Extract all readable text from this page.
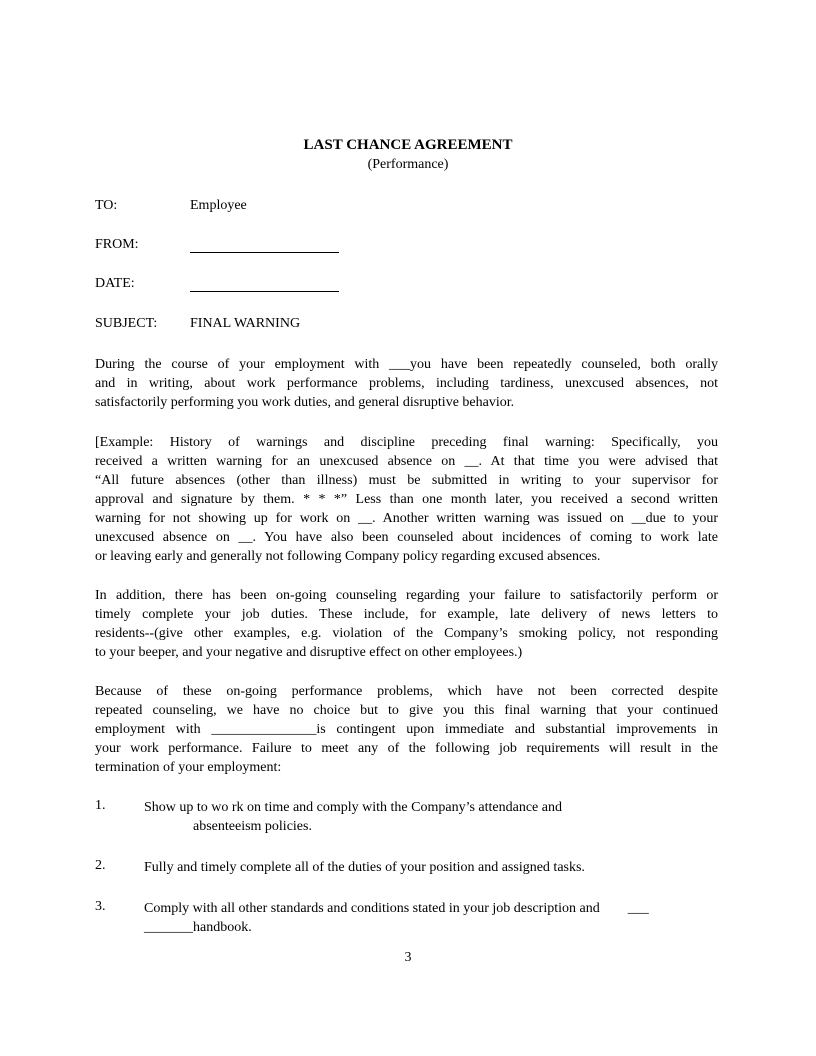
LAST CHANCE AGREEMENT
(Performance)
TO:	Employee
FROM:
DATE:
SUBJECT: FINAL WARNING
During the course of your employment with ___you have been repeatedly counseled, both orally
and in writing, about work performance problems, including tardiness, unexcused absences, not
satisfactorily performing you work duties, and general disruptive behavior.
[Example: History of warnings and discipline preceding final warning: Specifically, you
received a written warning for an unexcused absence on __. At that time you were advised that
“All future absences (other than illness) must be submitted in writing to your supervisor for
approval and signature by them. * * *” Less than one month later, you received a second written
warning for not showing up for work on __. Another written warning was issued on __due to your
unexcused absence on __. You have also been counseled about incidences of coming to work late
or leaving early and generally not following Company policy regarding excused absences.
In addition, there has been on-going counseling regarding your failure to satisfactorily perform or
timely complete your job duties. These include, for example, late delivery of news letters to
residents--(give other examples, e.g. violation of the Company’s smoking policy, not responding
to your beeper, and your negative and disruptive effect on other employees.)
Because of these on-going performance problems, which have not been corrected despite
repeated counseling, we have no choice but to give you this final warning that your continued
employment with _______________is contingent upon immediate and substantial improvements in
your work performance. Failure to meet any of the following job requirements will result in the
termination of your employment:
1.	Show up to wo rk on time and comply with the Company’s attendance and
absenteeism policies.
2.	Fully and timely complete all of the duties of your position and assigned tasks.
3.	Comply with all other standards and conditions stated in your job description and        ___
_______handbook.
3
